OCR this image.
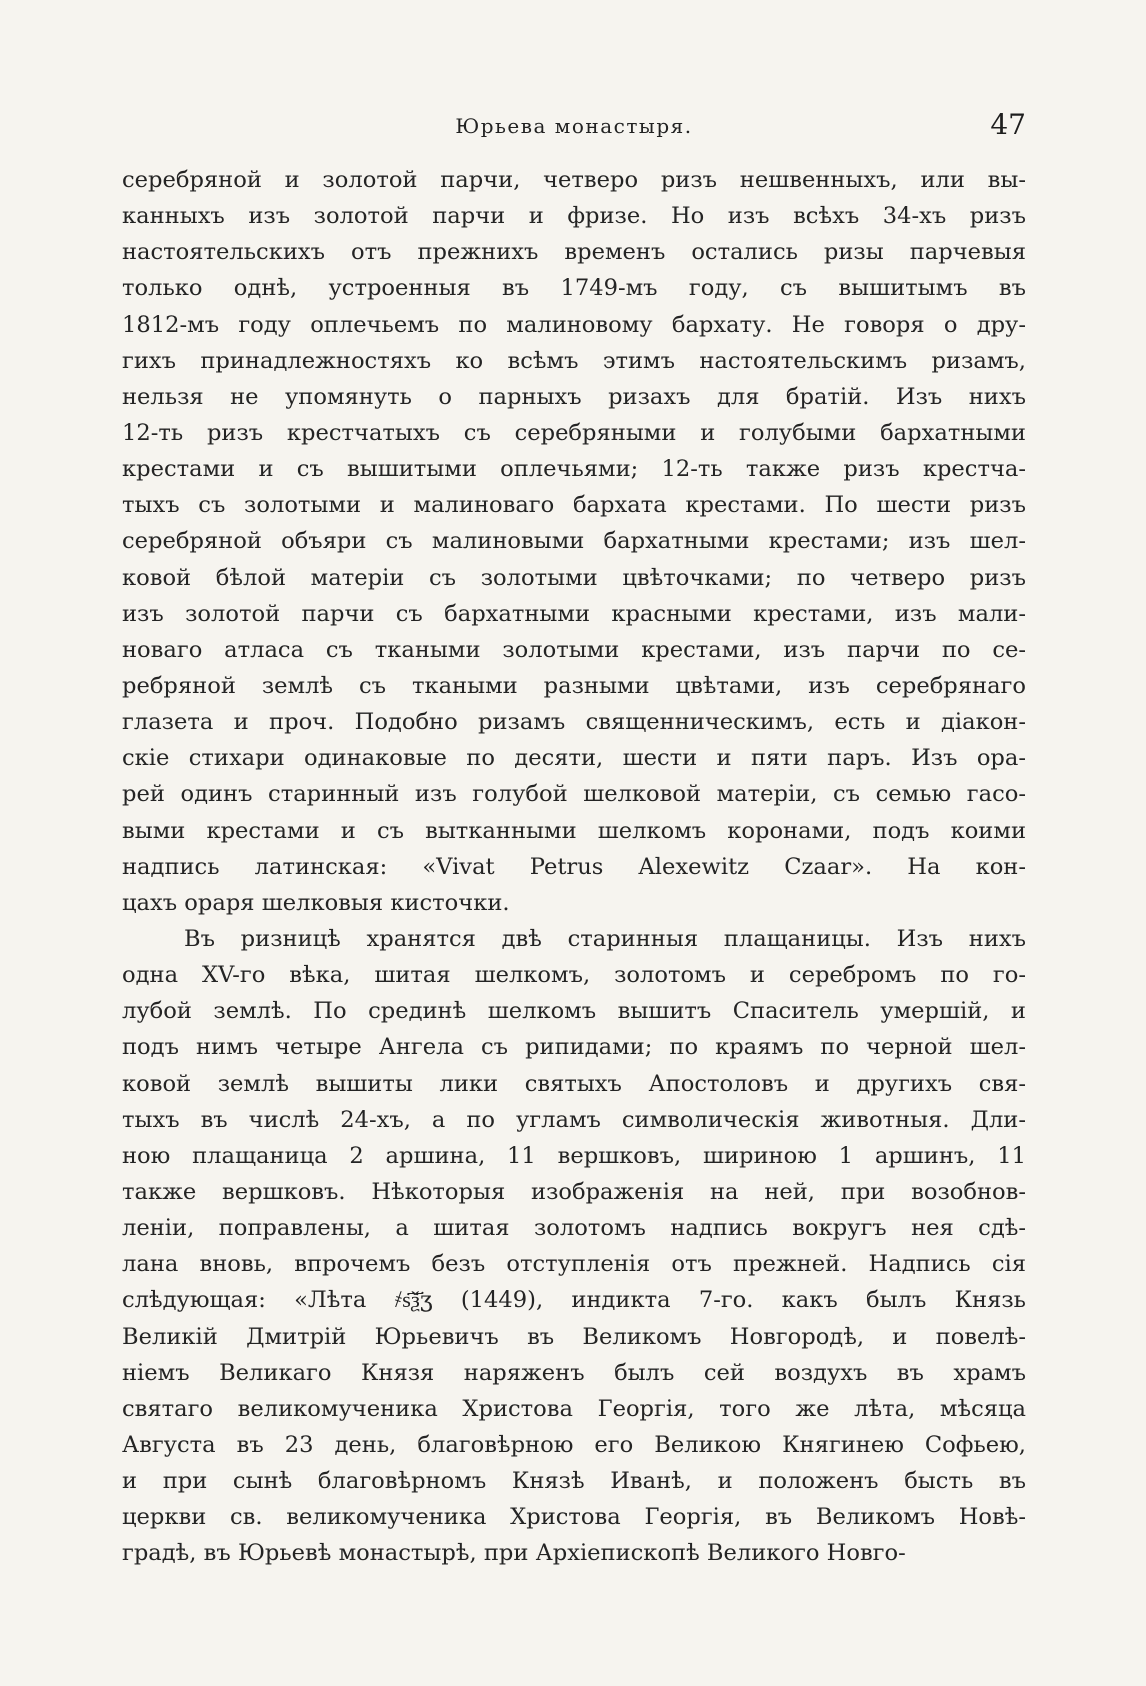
Юрьева монастыря.	47
серебряной и золотой парчи, четверо ризъ нешвенныхъ, или вы-
канныхъ изъ золотой парчи и фризе. Но изъ всѣхъ 34-хъ ризъ
настоятельскихъ отъ прежнихъ временъ остались ризы парчевыя
только однѣ, устроенныя въ 1749-мъ году, съ вышитымъ въ
1812-мъ году оплечьемъ по малиновому бархату. Не говоря о дру-
гихъ принадлежностяхъ ко всѣмъ этимъ настоятельскимъ ризамъ,
нельзя не упомянуть о парныхъ ризахъ для братій. Изъ нихъ
12-ть ризъ крестчатыхъ съ серебряными и голубыми бархатными
крестами и съ вышитыми оплечьями; 12-ть также ризъ крестча-
тыхъ съ золотыми и малиноваго бархата крестами. По шести ризъ
серебряной объяри съ малиновыми бархатными крестами; изъ шел-
ковой бѣлой матеріи съ золотыми цвѣточками; по четверо ризъ
изъ золотой парчи съ бархатными красными крестами, изъ мали-
новаго атласа съ ткаными золотыми крестами, изъ парчи по се-
ребряной землѣ съ ткаными разными цвѣтами, изъ серебрянаго
глазета и проч. Подобно ризамъ священническимъ, есть и діакон-
скіе стихари одинаковые по десяти, шести и пяти паръ. Изъ ора-
рей одинъ старинный изъ голубой шелковой матеріи, съ семью гасо-
выми крестами и съ вытканными шелкомъ коронами, подъ коими
надпись латинская: «Vivat Petrus Alexewitz Czaar». На кон-
цахъ ораря шелковыя кисточки.
Въ ризницѣ хранятся двѣ старинныя плащаницы. Изъ нихъ
одна XV-го вѣка, шитая шелкомъ, золотомъ и серебромъ по го-
лубой землѣ. По срединѣ шелкомъ вышитъ Спаситель умершій, и
подъ нимъ четыре Ангела съ рипидами; по краямъ по черной шел-
ковой землѣ вышиты лики святыхъ Апостоловъ и другихъ свя-
тыхъ въ числѣ 24-хъ, а по угламъ символическія животныя. Дли-
ною плащаница 2 аршина, 11 вершковъ, шириною 1 аршинъ, 11
также вершковъ. Нѣкоторыя изображенія на ней, при возобнов-
леніи, поправлены, а шитая золотомъ надпись вокругъ нея сдѣ-
лана вновь, впрочемъ безъ отступленія отъ прежней. Надпись сія
слѣдующая: «Лѣта ҂ѕ҃ѯ҃ӡ (1449), индикта 7-го. какъ былъ Князь
Великій Дмитрій Юрьевичъ въ Великомъ Новгородѣ, и повелѣ-
ніемъ Великаго Князя наряженъ былъ сей воздухъ въ храмъ
святаго великомученика Христова Георгія, того же лѣта, мѣсяца
Августа въ 23 день, благовѣрною его Великою Княгинею Софьею,
и при сынѣ благовѣрномъ Князѣ Иванѣ, и положенъ бысть въ
церкви св. великомученика Христова Георгія, въ Великомъ Новѣ-
градѣ, въ Юрьевѣ монастырѣ, при Архіепископѣ Великого Новго-
